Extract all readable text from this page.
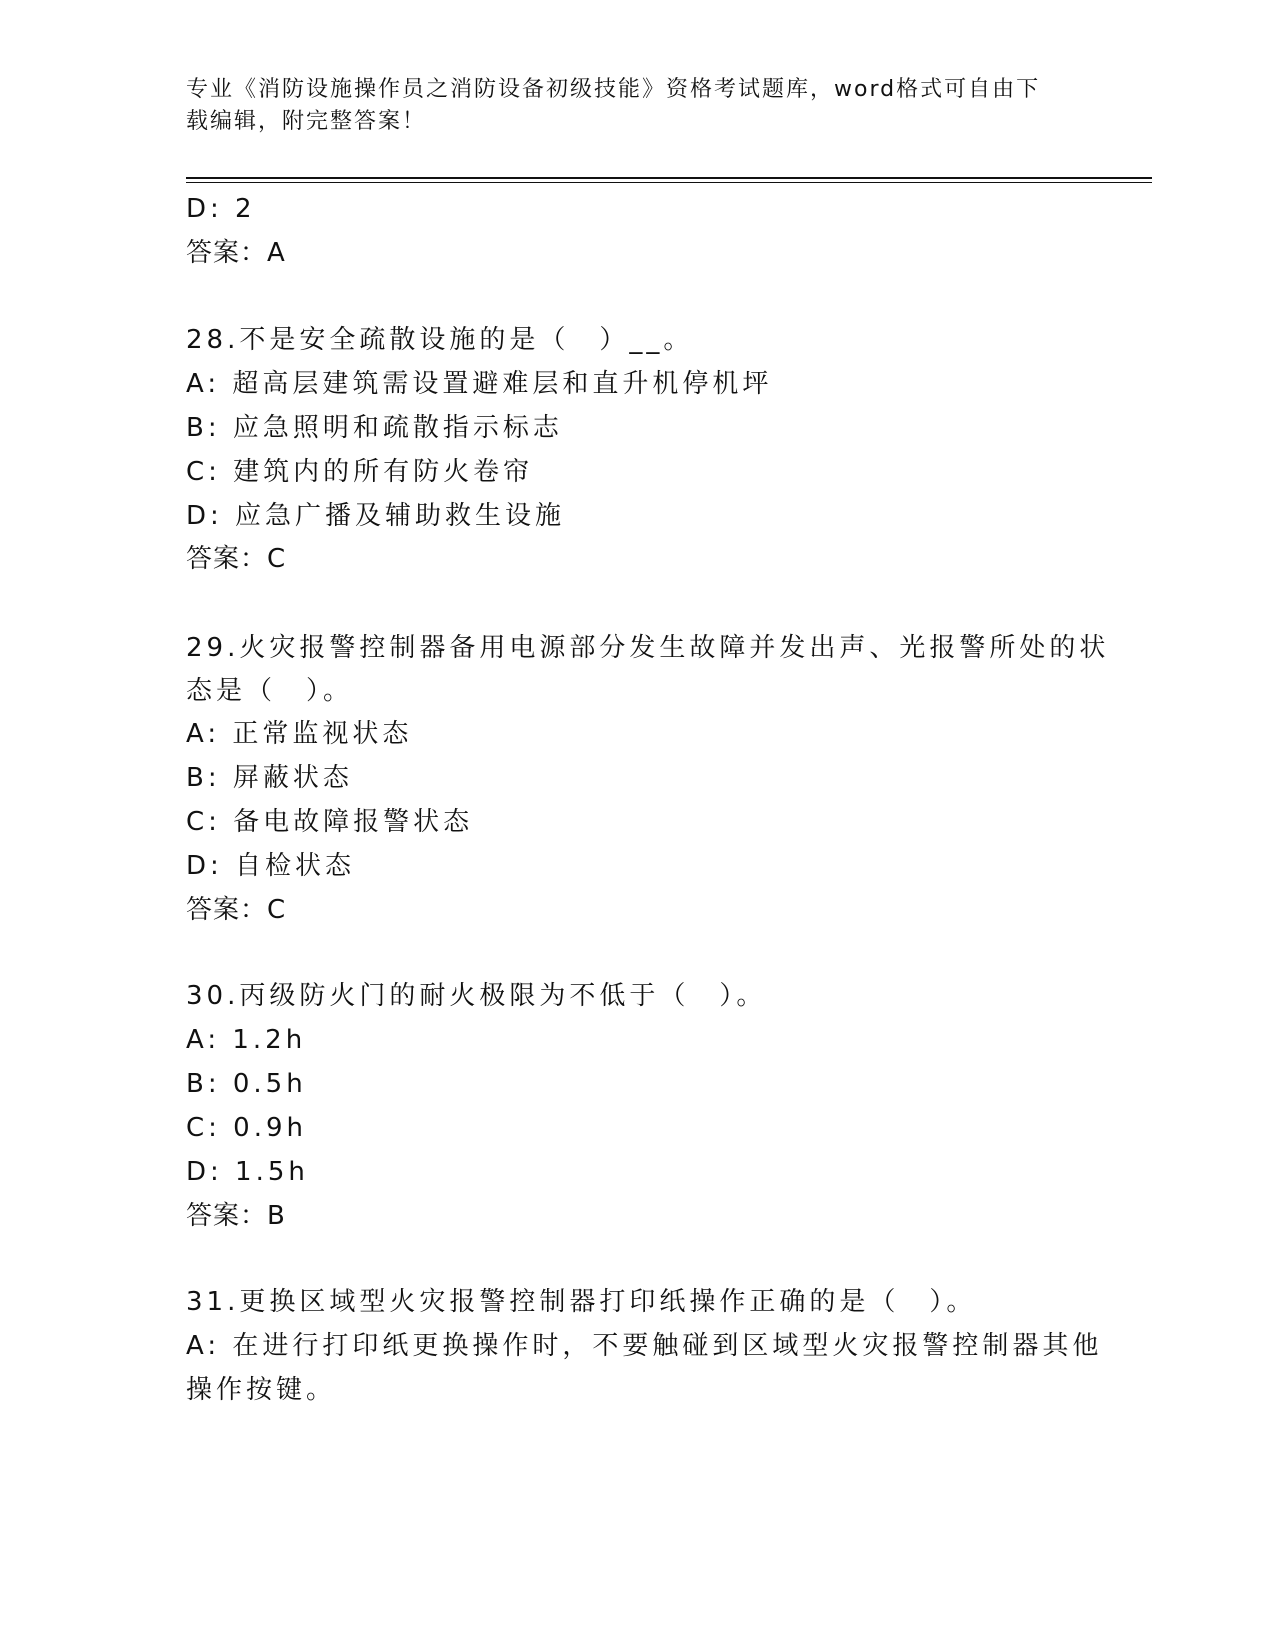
专业《消防设施操作员之消防设备初级技能》资格考试题库，word格式可自由下
载编辑，附完整答案！
D: 2
答案：A
28.不是安全疏散设施的是（　）__。
A: 超高层建筑需设置避难层和直升机停机坪
B: 应急照明和疏散指示标志
C: 建筑内的所有防火卷帘
D: 应急广播及辅助救生设施
答案：C
29.火灾报警控制器备用电源部分发生故障并发出声、光报警所处的状
态是（　）。
A: 正常监视状态
B: 屏蔽状态
C: 备电故障报警状态
D: 自检状态
答案：C
30.丙级防火门的耐火极限为不低于（　）。
A: 1.2h
B: 0.5h
C: 0.9h
D: 1.5h
答案：B
31.更换区域型火灾报警控制器打印纸操作正确的是（　）。
A: 在进行打印纸更换操作时，不要触碰到区域型火灾报警控制器其他
操作按键。
